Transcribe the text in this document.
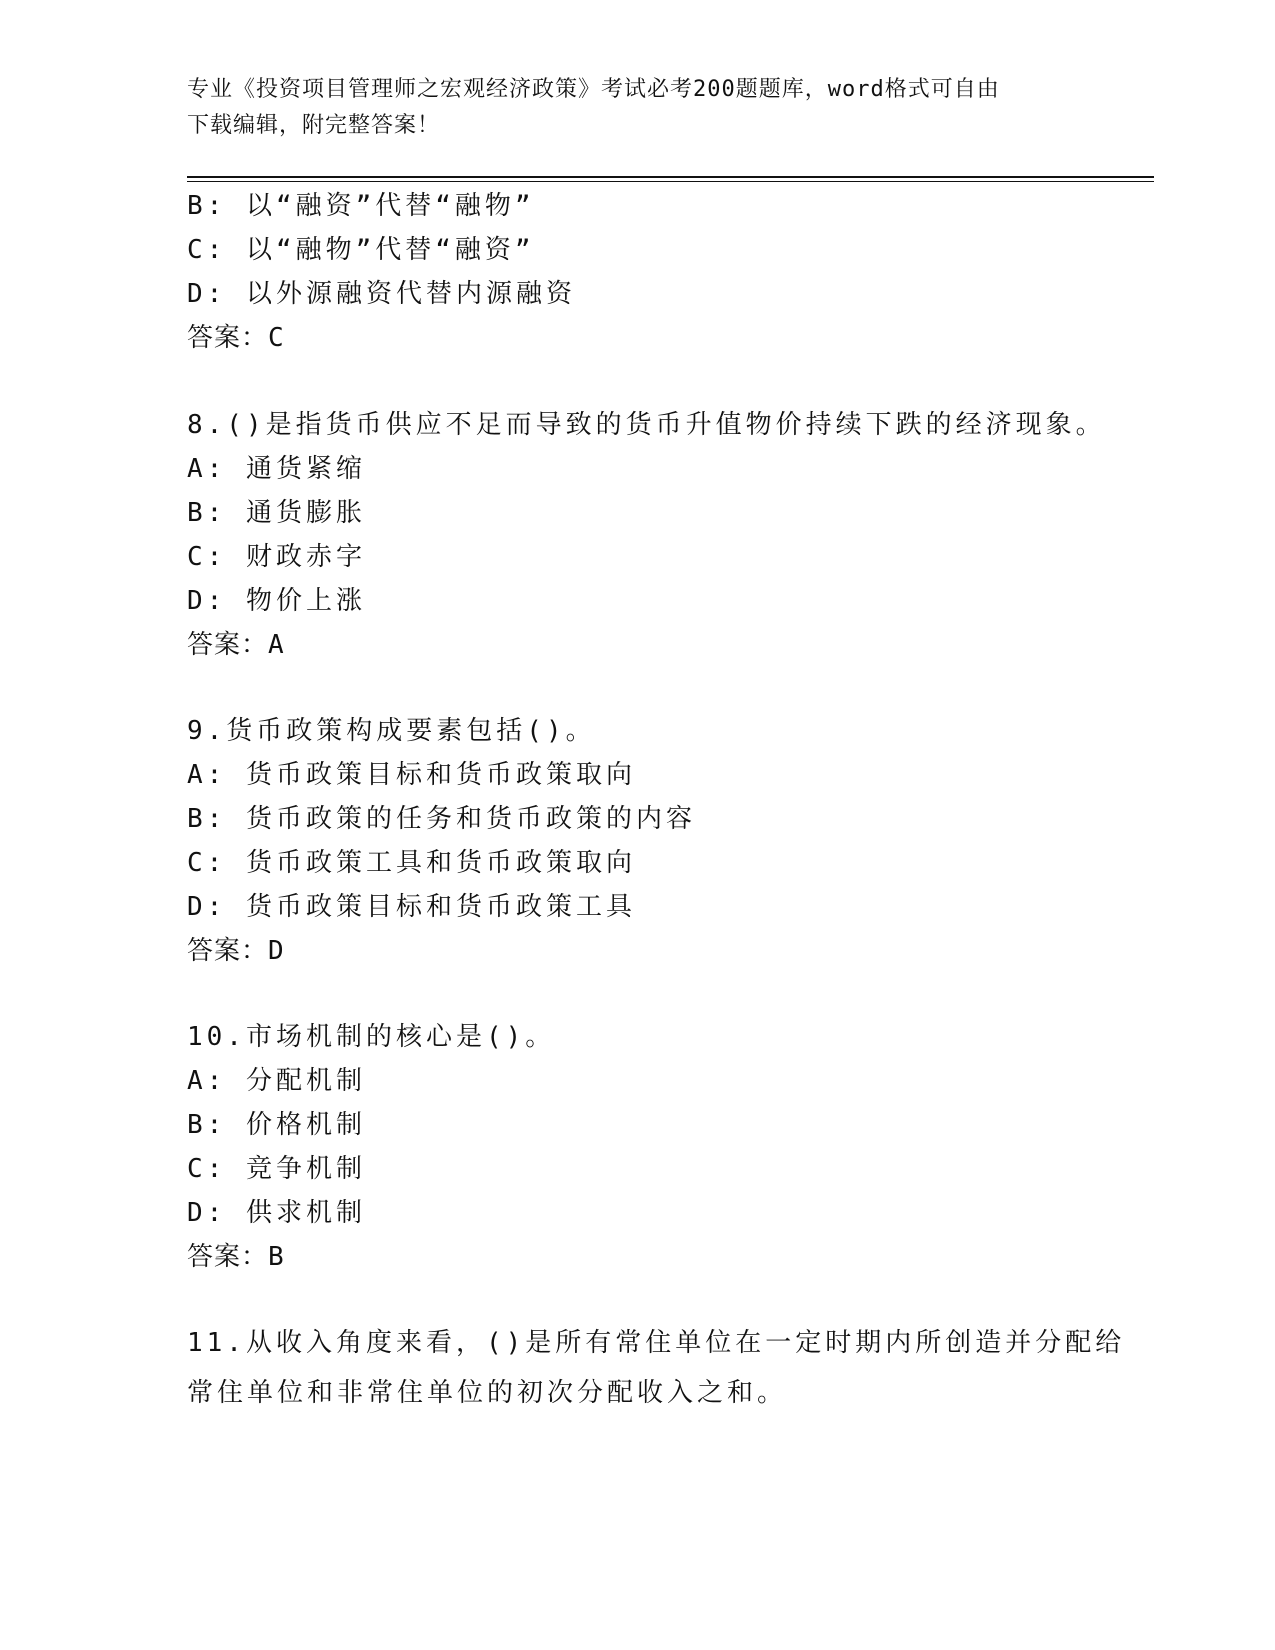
专业《投资项目管理师之宏观经济政策》考试必考200题题库，word格式可自由
下载编辑，附完整答案！
B: 以“融资”代替“融物”
C: 以“融物”代替“融资”
D: 以外源融资代替内源融资
答案：C
8.()是指货币供应不足而导致的货币升值物价持续下跌的经济现象。
A: 通货紧缩
B: 通货膨胀
C: 财政赤字
D: 物价上涨
答案：A
9.货币政策构成要素包括()。
A: 货币政策目标和货币政策取向
B: 货币政策的任务和货币政策的内容
C: 货币政策工具和货币政策取向
D: 货币政策目标和货币政策工具
答案：D
10.市场机制的核心是()。
A: 分配机制
B: 价格机制
C: 竞争机制
D: 供求机制
答案：B
11.从收入角度来看，()是所有常住单位在一定时期内所创造并分配给
常住单位和非常住单位的初次分配收入之和。
